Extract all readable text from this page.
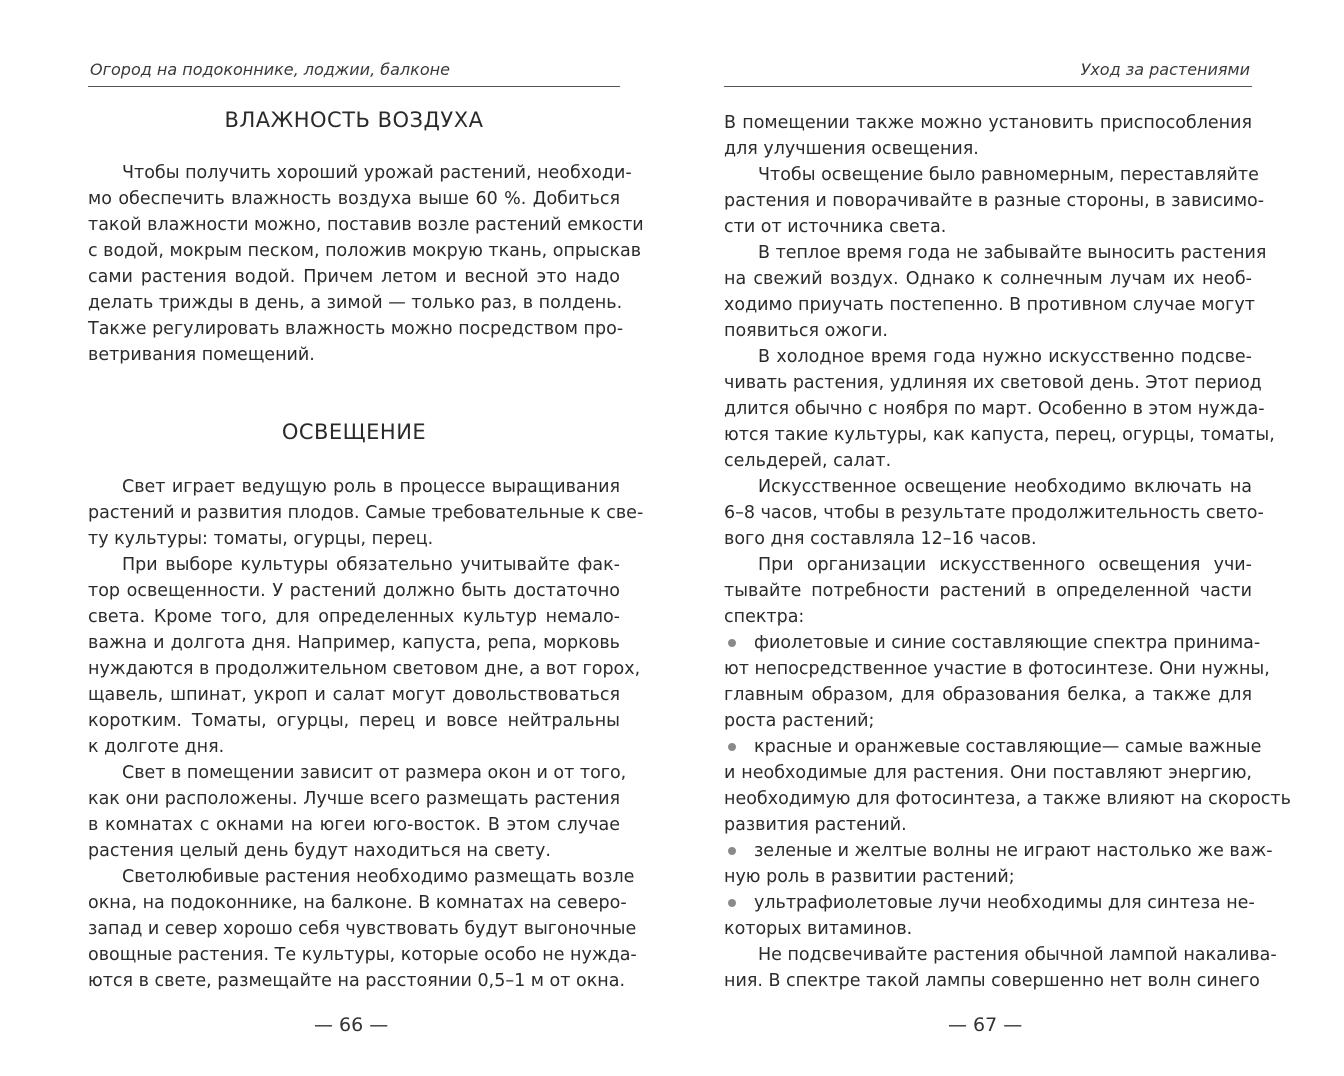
Огород на подоконнике, лоджии, балконе
ВЛАЖНОСТЬ ВОЗДУХА
Чтобы получить хороший урожай растений, необходи-
мо обеспечить влажность воздуха выше 60 %. Добиться
такой влажности можно, поставив возле растений емкости
с водой, мокрым песком, положив мокрую ткань, опрыскав
сами растения водой. Причем летом и весной это надо
делать трижды в день, а зимой — только раз, в полдень.
Также регулировать влажность можно посредством про-
ветривания помещений.
ОСВЕЩЕНИЕ
Свет играет ведущую роль в процессе выращивания
растений и развития плодов. Самые требовательные к све-
ту культуры: томаты, огурцы, перец.
При выборе культуры обязательно учитывайте фак-
тор освещенности. У растений должно быть достаточно
света. Кроме того, для определенных культур немало-
важна и долгота дня. Например, капуста, репа, морковь
нуждаются в продолжительном световом дне, а вот горох,
щавель, шпинат, укроп и салат могут довольствоваться
коротким. Томаты, огурцы, перец и вовсе нейтральны
к долготе дня.
Свет в помещении зависит от размера окон и от того,
как они расположены. Лучше всего размещать растения
в комнатах с окнами на югеи юго-восток. В этом случае
растения целый день будут находиться на свету.
Светолюбивые растения необходимо размещать возле
окна, на подоконнике, на балконе. В комнатах на северо-
запад и север хорошо себя чувствовать будут выгоночные
овощные растения. Те культуры, которые особо не нужда-
ются в свете, размещайте на расстоянии 0,5–1 м от окна.
— 66 —
Уход за растениями
В помещении также можно установить приспособления
для улучшения освещения.
Чтобы освещение было равномерным, переставляйте
растения и поворачивайте в разные стороны, в зависимо-
сти от источника света.
В теплое время года не забывайте выносить растения
на свежий воздух. Однако к солнечным лучам их необ-
ходимо приучать постепенно. В противном случае могут
появиться ожоги.
В холодное время года нужно искусственно подсве-
чивать растения, удлиняя их световой день. Этот период
длится обычно с ноября по март. Особенно в этом нужда-
ются такие культуры, как капуста, перец, огурцы, томаты,
сельдерей, салат.
Искусственное освещение необходимо включать на
6–8 часов, чтобы в результате продолжительность свето-
вого дня составляла 12–16 часов.
При организации искусственного освещения учи-
тывайте потребности растений в определенной части
спектра:
фиолетовые и синие составляющие спектра принима-
ют непосредственное участие в фотосинтезе. Они нужны,
главным образом, для образования белка, а также для
роста растений;
красные и оранжевые составляющие— самые важные
и необходимые для растения. Они поставляют энергию,
необходимую для фотосинтеза, а также влияют на скорость
развития растений.
зеленые и желтые волны не играют настолько же важ-
ную роль в развитии растений;
ультрафиолетовые лучи необходимы для синтеза не-
которых витаминов.
Не подсвечивайте растения обычной лампой накалива-
ния. В спектре такой лампы совершенно нет волн синего
— 67 —
